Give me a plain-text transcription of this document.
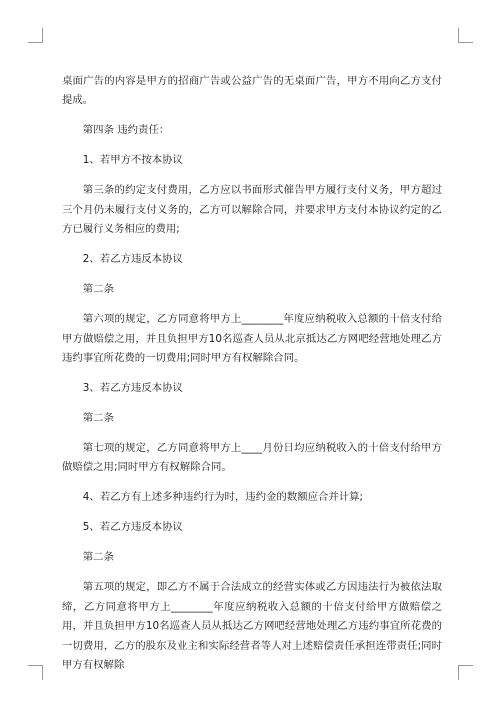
桌面广告的内容是甲方的招商广告或公益广告的无桌面广告，甲方不用向乙方支付提成。

第四条 违约责任：

1、若甲方不按本协议

第三条的约定支付费用，乙方应以书面形式催告甲方履行支付义务，甲方超过三个月仍未履行支付义务的，乙方可以解除合同，并要求甲方支付本协议约定的乙方已履行义务相应的费用;

2、若乙方违反本协议

第二条

第六项的规定，乙方同意将甲方上________年度应纳税收入总额的十倍支付给甲方做赔偿之用，并且负担甲方10名巡查人员从北京抵达乙方网吧经营地处理乙方违约事宜所花费的一切费用;同时甲方有权解除合同。

3、若乙方违反本协议

第二条

第七项的规定，乙方同意将甲方上____月份日均应纳税收入的十倍支付给甲方做赔偿之用;同时甲方有权解除合同。

4、若乙方有上述多种违约行为时，违约金的数额应合并计算;

5、若乙方违反本协议

第二条

第五项的规定，即乙方不属于合法成立的经营实体或乙方因违法行为被依法取缔，乙方同意将甲方上________年度应纳税收入总额的十倍支付给甲方做赔偿之用，并且负担甲方10名巡查人员从抵达乙方网吧经营地处理乙方违约事宜所花费的一切费用，乙方的股东及业主和实际经营者等人对上述赔偿责任承担连带责任;同时甲方有权解除
